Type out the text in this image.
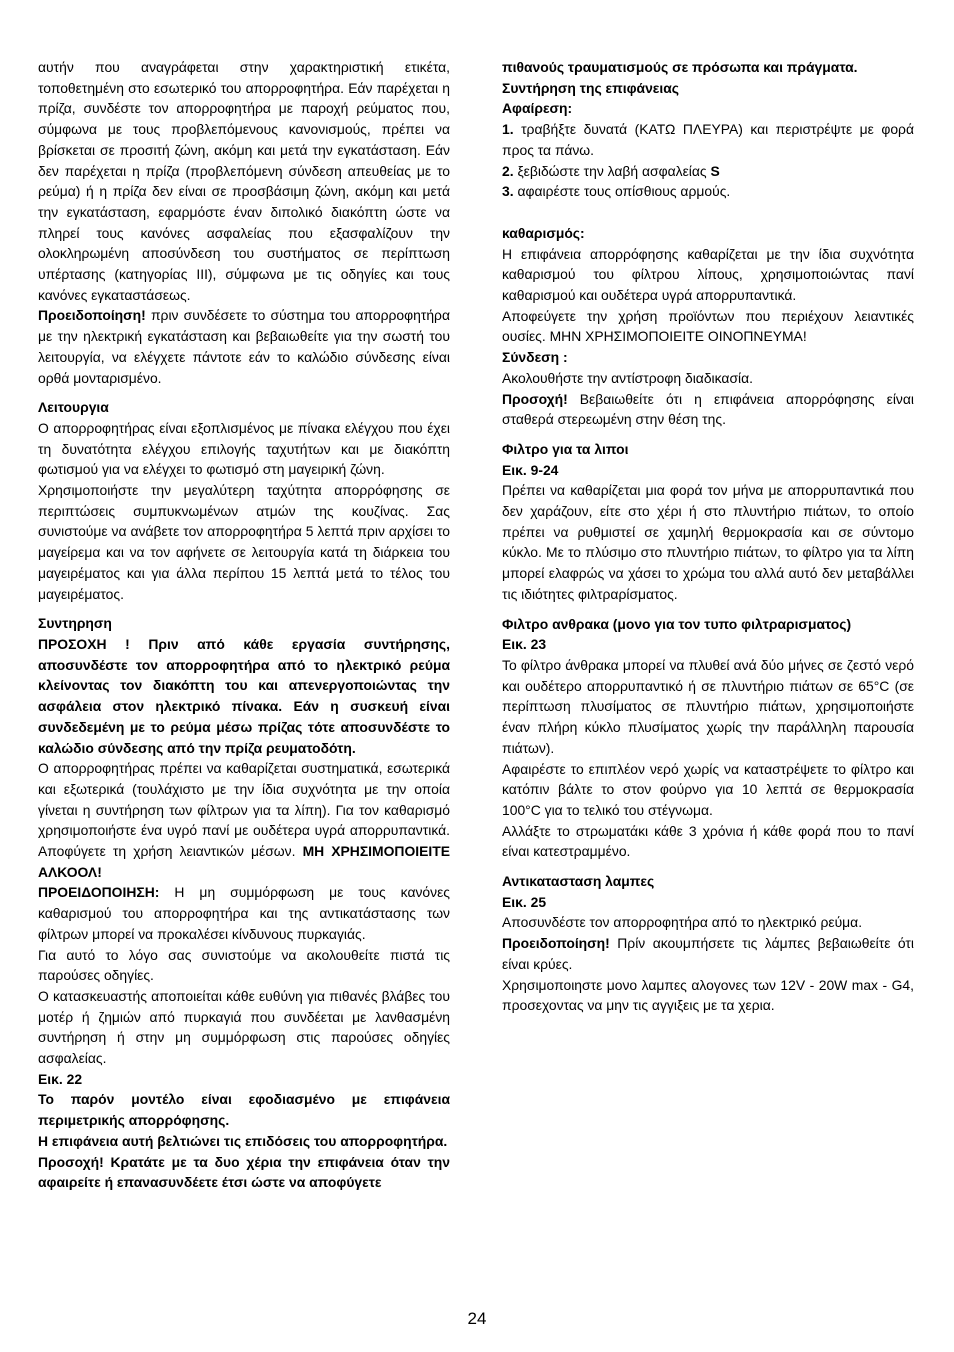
αυτήν που αναγράφεται στην χαρακτηριστική ετικέτα, τοποθετημένη στο εσωτερικό του απορροφητήρα. Εάν παρέχεται η πρίζα, συνδέστε τον απορροφητήρα με παροχή ρεύματος που, σύμφωνα με τους προβλεπόμενους κανονισμούς, πρέπει να βρίσκεται σε προσιτή ζώνη, ακόμη και μετά την εγκατάσταση. Εάν δεν παρέχεται η πρίζα (προβλεπόμενη σύνδεση απευθείας με το ρεύμα) ή η πρίζα δεν είναι σε προσβάσιμη ζώνη, ακόμη και μετά την εγκατάσταση, εφαρμόστε έναν διπολικό διακόπτη ώστε να πληρεί τους κανόνες ασφαλείας που εξασφαλίζουν την ολοκληρωμένη αποσύνδεση του συστήματος σε περίπτωση υπέρτασης (κατηγορίας III), σύμφωνα με τις οδηγίες και τους κανόνες εγκαταστάσεως.

Προειδοποίηση! πριν συνδέσετε το σύστημα του απορροφητήρα με την ηλεκτρική εγκατάσταση και βεβαιωθείτε για την σωστή του λειτουργία, να ελέγχετε πάντοτε εάν το καλώδιο σύνδεσης είναι ορθά μονταρισμένο.

Λειτουργια

Ο απορροφητήρας είναι εξοπλισμένος με πίνακα ελέγχου που έχει τη δυνατότητα ελέγχου επιλογής ταχυτήτων και με διακόπτη φωτισμού για να ελέγχει το φωτισμό στη μαγειρική ζώνη.

Χρησιμοποιήστε την μεγαλύτερη ταχύτητα απορρόφησης σε περιπτώσεις συμπυκνωμένων ατμών της κουζίνας. Σας συνιστούμε να ανάβετε τον απορροφητήρα 5 λεπτά πριν αρχίσει το μαγείρεμα και να τον αφήνετε σε λειτουργία κατά τη διάρκεια του μαγειρέματος και για άλλα περίπου 15 λεπτά μετά το τέλος του μαγειρέματος.

Συντηρηση

ΠΡΟΣΟΧΗ ! Πριν από κάθε εργασία συντήρησης, αποσυνδέστε τον απορροφητήρα από το ηλεκτρικό ρεύμα κλείνοντας τον διακόπτη του και απενεργοποιώντας την ασφάλεια στον ηλεκτρικό πίνακα. Εάν η συσκευή είναι συνδεδεμένη με το ρεύμα μέσω πρίζας τότε αποσυνδέστε το καλώδιο σύνδεσης από την πρίζα ρευματοδότη.

Ο απορροφητήρας πρέπει να καθαρίζεται συστηματικά, εσωτερικά και εξωτερικά (τουλάχιστο με την ίδια συχνότητα με την οποία γίνεται η συντήρηση των φίλτρων για τα λίπη). Για τον καθαρισμό χρησιμοποιήστε ένα υγρό πανί με ουδέτερα υγρά απορρυπαντικά. Αποφύγετε τη χρήση λειαντικών μέσων. ΜΗ ΧΡΗΣΙΜΟΠΟΙΕΙΤΕ ΑΛΚΟΟΛ!

ΠΡΟΕΙΔΟΠΟΙΗΣΗ: Η μη συμμόρφωση με τους κανόνες καθαρισμού του απορροφητήρα και της αντικατάστασης των φίλτρων μπορεί να προκαλέσει κίνδυνους πυρκαγιάς.

Για αυτό το λόγο σας συνιστούμε να ακολουθείτε πιστά τις παρούσες οδηγίες.

Ο κατασκευαστής αποποιείται κάθε ευθύνη για πιθανές βλάβες του μοτέρ ή ζημιών από πυρκαγιά που συνδέεται με λανθασμένη συντήρηση ή στην μη συμμόρφωση στις παρούσες οδηγίες ασφαλείας.

Εικ. 22

Το παρόν μοντέλο είναι εφοδιασμένο με επιφάνεια περιμετρικής απορρόφησης.

Η επιφάνεια αυτή βελτιώνει τις επιδόσεις του απορροφητήρα.

Προσοχή! Κρατάτε με τα δυο χέρια την επιφάνεια όταν την αφαιρείτε ή επανασυνδέετε έτσι ώστε να αποφύγετε

πιθανούς τραυματισμούς σε πρόσωπα και πράγματα.

Συντήρηση της επιφάνειας
Αφαίρεση:

1. τραβήξτε δυνατά (ΚΑΤΩ ΠΛΕΥΡΑ) και περιστρέψτε με φορά προς τα πάνω.

2. ξεβιδώστε την λαβή ασφαλείας S

3. αφαιρέστε τους οπίσθιους αρμούς.

καθαρισμός:

Η επιφάνεια απορρόφησης καθαρίζεται με την ίδια συχνότητα καθαρισμού του φίλτρου λίπους, χρησιμοποιώντας πανί καθαρισμού και ουδέτερα υγρά απορρυπαντικά.

Αποφεύγετε την χρήση προϊόντων που περιέχουν λειαντικές ουσίες. ΜΗΝ ΧΡΗΣΙΜΟΠΟΙΕΙΤΕ ΟΙΝΟΠΝΕΥΜΑ!

Σύνδεση :

Ακολουθήστε την αντίστροφη διαδικασία.

Προσοχή! Βεβαιωθείτε ότι η επιφάνεια απορρόφησης είναι σταθερά στερεωμένη στην θέση της.

Φιλτρο για τα λιποι
Εικ. 9-24

Πρέπει να καθαρίζεται μια φορά τον μήνα με απορρυπαντικά που δεν χαράζουν, είτε στο χέρι ή στο πλυντήριο πιάτων, το οποίο πρέπει να ρυθμιστεί σε χαμηλή θερμοκρασία και σε σύντομο κύκλο. Με το πλύσιμο στο πλυντήριο πιάτων, το φίλτρο για τα λίπη μπορεί ελαφρώς να χάσει το χρώμα του αλλά αυτό δεν μεταβάλλει τις ιδιότητες φιλτραρίσματος.

Φιλτρο ανθρακα (μονο για τον τυπο φιλτραρισματος)
Εικ. 23

Το φίλτρο άνθρακα μπορεί να πλυθεί ανά δύο μήνες σε ζεστό νερό και ουδέτερο απορρυπαντικό ή σε πλυντήριο πιάτων σε 65°C (σε περίπτωση πλυσίματος σε πλυντήριο πιάτων, χρησιμοποιήστε έναν πλήρη κύκλο πλυσίματος χωρίς την παράλληλη παρουσία πιάτων).

Αφαιρέστε το επιπλέον νερό χωρίς να καταστρέψετε το φίλτρο και κατόπιν βάλτε το στον φούρνο για 10 λεπτά σε θερμοκρασία 100°C για το τελικό του στέγνωμα.

Αλλάξτε το στρωματάκι κάθε 3 χρόνια ή κάθε φορά που το πανί είναι κατεστραμμένο.

Αντικατασταση λαμπες
Εικ. 25

Αποσυνδέστε τον απορροφητήρα από το ηλεκτρικό ρεύμα.

Προειδοποίηση! Πρίν ακουμπήσετε τις λάμπες βεβαιωθείτε ότι είναι κρύες.

Χρησιμοποιηστε μονο λαμπες αλογονες των 12V - 20W max - G4, προσεχοντας να μην τις αγγιξεις με τα χερια.

24
